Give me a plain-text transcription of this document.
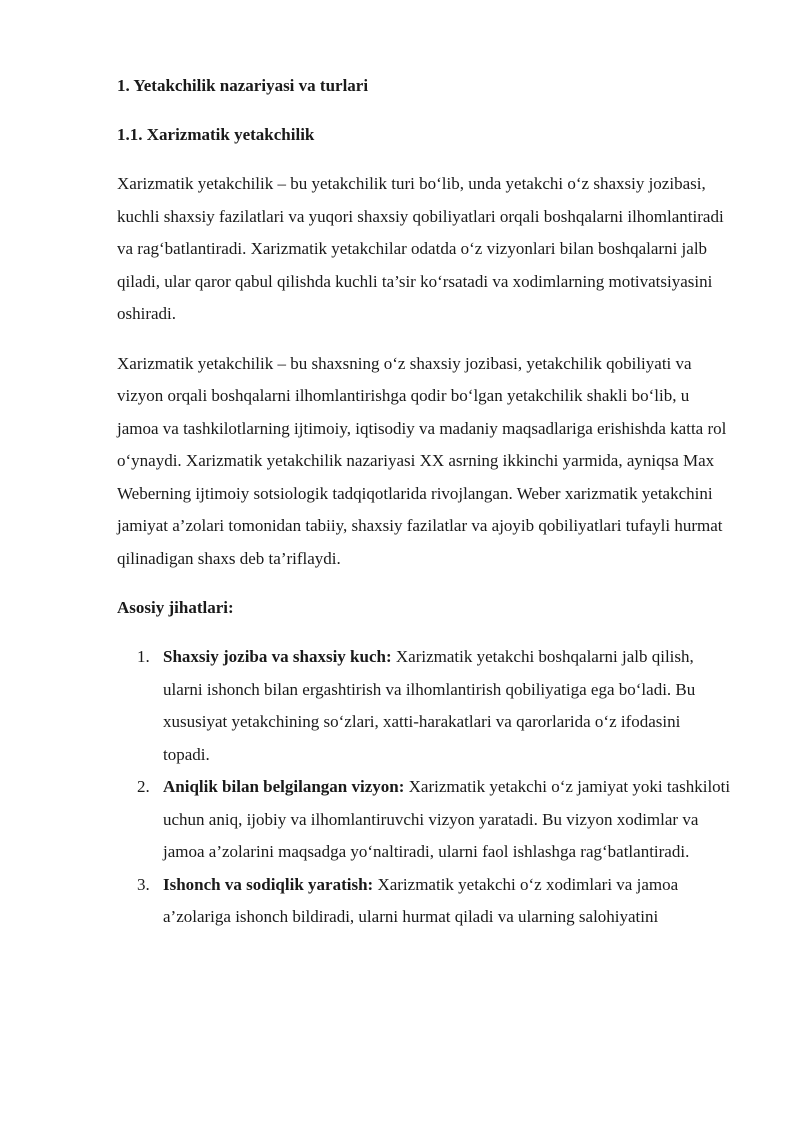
1. Yetakchilik nazariyasi va turlari
1.1. Xarizmatik yetakchilik

Xarizmatik yetakchilik – bu yetakchilik turi bo‘lib, unda yetakchi o‘z shaxsiy jozibasi, kuchli shaxsiy fazilatlari va yuqori shaxsiy qobiliyatlari orqali boshqalarni ilhomlantiradi va rag‘batlantiradi. Xarizmatik yetakchilar odatda o‘z vizyonlari bilan boshqalarni jalb qiladi, ular qaror qabul qilishda kuchli ta’sir ko‘rsatadi va xodimlarning motivatsiyasini oshiradi.

Xarizmatik yetakchilik – bu shaxsning o‘z shaxsiy jozibasi, yetakchilik qobiliyati va vizyon orqali boshqalarni ilhomlantirishga qodir bo‘lgan yetakchilik shakli bo‘lib, u jamoa va tashkilotlarning ijtimoiy, iqtisodiy va madaniy maqsadlariga erishishda katta rol o‘ynaydi. Xarizmatik yetakchilik nazariyasi XX asrning ikkinchi yarmida, ayniqsa Max Weberning ijtimoiy sotsiologik tadqiqotlarida rivojlangan. Weber xarizmatik yetakchini jamiyat a’zolari tomonidan tabiiy, shaxsiy fazilatlar va ajoyib qobiliyatlari tufayli hurmat qilinadigan shaxs deb ta’riflaydi.

Asosiy jihatlari:
1. Shaxsiy joziba va shaxsiy kuch: Xarizmatik yetakchi boshqalarni jalb qilish, ularni ishonch bilan ergashtirish va ilhomlantirish qobiliyatiga ega bo‘ladi. Bu xususiyat yetakchining so‘zlari, xatti-harakatlari va qarorlarida o‘z ifodasini topadi.
2. Aniqlik bilan belgilangan vizyon: Xarizmatik yetakchi o‘z jamiyat yoki tashkiloti uchun aniq, ijobiy va ilhomlantiruvchi vizyon yaratadi. Bu vizyon xodimlar va jamoa a’zolarini maqsadga yo‘naltiradi, ularni faol ishlashga rag‘batlantiradi.
3. Ishonch va sodiqlik yaratish: Xarizmatik yetakchi o‘z xodimlari va jamoa a’zolariga ishonch bildiradi, ularni hurmat qiladi va ularning salohiyatini
